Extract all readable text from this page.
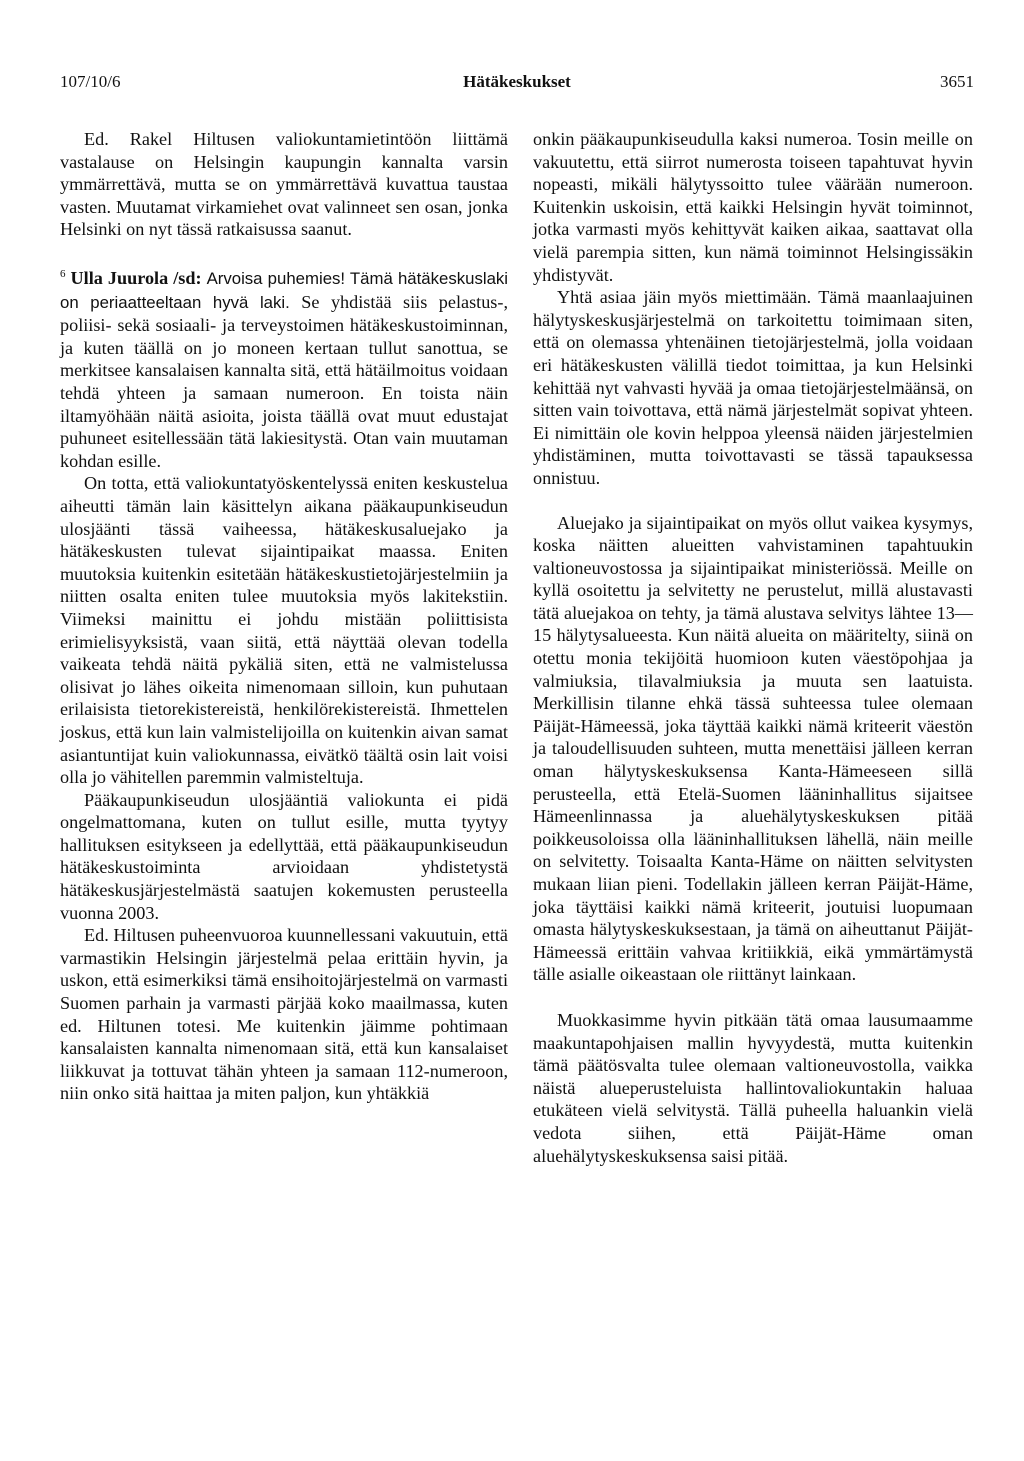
107/10/6	Hätäkeskukset	3651

Ed. Rakel Hiltusen valiokuntamietintöön liittämä vastalause on Helsingin kaupungin kannalta varsin ymmärrettävä, mutta se on ymmärrettävä kuvattua taustaa vasten. Muutamat virkamiehet ovat valinneet sen osan, jonka Helsinki on nyt tässä ratkaisussa saanut.

$^6$ Ulla Juurola /sd: Arvoisa puhemies! Tämä hätäkeskuslaki on periaatteeltaan hyvä laki. Se yhdistää siis pelastus-, poliisi- sekä sosiaali- ja terveystoimen hätäkeskustoiminnan, ja kuten täällä on jo moneen kertaan tullut sanottua, se merkitsee kansalaisen kannalta sitä, että hätäilmoitus voidaan tehdä yhteen ja samaan numeroon. En toista näin iltamyöhään näitä asioita, joista täällä ovat muut edustajat puhuneet esitellessään tätä lakiesitystä. Otan vain muutaman kohdan esille.

On totta, että valiokuntatyöskentelyssä eniten keskustelua aiheutti tämän lain käsittelyn aikana pääkaupunkiseudun ulosjäänti tässä vaiheessa, hätäkeskusaluejako ja hätäkeskusten tulevat sijaintipaikat maassa. Eniten muutoksia kuitenkin esitetään hätäkeskustietojärjestelmiin ja niitten osalta eniten tulee muutoksia myös lakitekstiin. Viimeksi mainittu ei johdu mistään poliittisista erimielisyyksistä, vaan siitä, että näyttää olevan todella vaikeata tehdä näitä pykäliä siten, että ne valmistelussa olisivat jo lähes oikeita nimenomaan silloin, kun puhutaan erilaisista tietorekistereistä, henkilörekistereistä. Ihmettelen joskus, että kun lain valmistelijoilla on kuitenkin aivan samat asiantuntijat kuin valiokunnassa, eivätkö täältä osin lait voisi olla jo vähitellen paremmin valmisteltuja.

Pääkaupunkiseudun ulosjääntiä valiokunta ei pidä ongelmattomana, kuten on tullut esille, mutta tyytyy hallituksen esitykseen ja edellyttää, että pääkaupunkiseudun hätäkeskustoiminta arvioidaan yhdistetystä hätäkeskusjärjestelmästä saatujen kokemusten perusteella vuonna 2003.

Ed. Hiltusen puheenvuoroa kuunnellessani vakuutuin, että varmastikin Helsingin järjestelmä pelaa erittäin hyvin, ja uskon, että esimerkiksi tämä ensihoitojärjestelmä on varmasti Suomen parhain ja varmasti pärjää koko maailmassa, kuten ed. Hiltunen totesi. Me kuitenkin jäimme pohtimaan kansalaisten kannalta nimenomaan sitä, että kun kansalaiset liikkuvat ja tottuvat tähän yhteen ja samaan 112-numeroon, niin onko sitä haittaa ja miten paljon, kun yhtäkkiä

onkin pääkaupunkiseudulla kaksi numeroa. Tosin meille on vakuutettu, että siirrot numerosta toiseen tapahtuvat hyvin nopeasti, mikäli hälytyssoitto tulee väärään numeroon. Kuitenkin uskoisin, että kaikki Helsingin hyvät toiminnot, jotka varmasti myös kehittyvät kaiken aikaa, saattavat olla vielä parempia sitten, kun nämä toiminnot Helsingissäkin yhdistyvät.

Yhtä asiaa jäin myös miettimään. Tämä maanlaajuinen hälytyskeskusjärjestelmä on tarkoitettu toimimaan siten, että on olemassa yhtenäinen tietojärjestelmä, jolla voidaan eri hätäkeskusten välillä tiedot toimittaa, ja kun Helsinki kehittää nyt vahvasti hyvää ja omaa tietojärjestelmäänsä, on sitten vain toivottava, että nämä järjestelmät sopivat yhteen. Ei nimittäin ole kovin helppoa yleensä näiden järjestelmien yhdistäminen, mutta toivottavasti se tässä tapauksessa onnistuu.

Aluejako ja sijaintipaikat on myös ollut vaikea kysymys, koska näitten alueitten vahvistaminen tapahtuukin valtioneuvostossa ja sijaintipaikat ministeriössä. Meille on kyllä osoitettu ja selvitetty ne perustelut, millä alustavasti tätä aluejakoa on tehty, ja tämä alustava selvitys lähtee 13—15 hälytysalueesta. Kun näitä alueita on määritelty, siinä on otettu monia tekijöitä huomioon kuten väestöpohjaa ja valmiuksia, tilavalmiuksia ja muuta sen laatuista. Merkillisin tilanne ehkä tässä suhteessa tulee olemaan Päijät-Hämeessä, joka täyttää kaikki nämä kriteerit väestön ja taloudellisuuden suhteen, mutta menettäisi jälleen kerran oman hälytyskeskuksensa Kanta-Hämeeseen sillä perusteella, että Etelä-Suomen lääninhallitus sijaitsee Hämeenlinnassa ja aluehälytyskeskuksen pitää poikkeusoloissa olla lääninhallituksen lähellä, näin meille on selvitetty. Toisaalta Kanta-Häme on näitten selvitysten mukaan liian pieni. Todellakin jälleen kerran Päijät-Häme, joka täyttäisi kaikki nämä kriteerit, joutuisi luopumaan omasta hälytyskeskuksestaan, ja tämä on aiheuttanut Päijät-Hämeessä erittäin vahvaa kritiikkiä, eikä ymmärtämystä tälle asialle oikeastaan ole riittänyt lainkaan.

Muokkasimme hyvin pitkään tätä omaa lausumaamme maakuntapohjaisen mallin hyvyydestä, mutta kuitenkin tämä päätösvalta tulee olemaan valtioneuvostolla, vaikka näistä alueperusteluista hallintovaliokuntakin haluaa etukäteen vielä selvitystä. Tällä puheella haluankin vielä vedota siihen, että Päijät-Häme oman aluehälytyskeskuksensa saisi pitää.
